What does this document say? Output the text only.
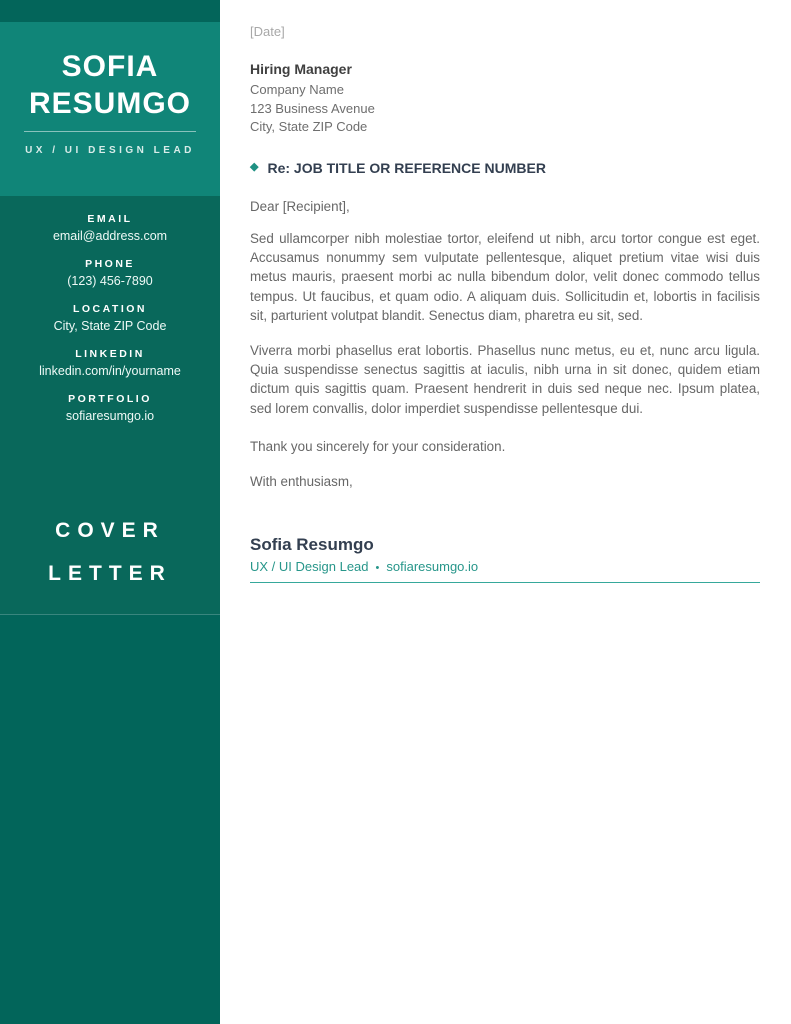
SOFIA
RESUMGO
UX / UI DESIGN LEAD
EMAIL
email@address.com
PHONE
(123) 456-7890
LOCATION
City, State ZIP Code
LINKEDIN
linkedin.com/in/yourname
PORTFOLIO
sofiaresumgo.io
COVER
LETTER
[Date]
Hiring Manager
Company Name
123 Business Avenue
City, State ZIP Code
◆ Re: JOB TITLE OR REFERENCE NUMBER

Dear [Recipient],

Sed ullamcorper nibh molestiae tortor, eleifend ut nibh, arcu tortor congue est eget. Accusamus nonummy sem vulputate pellentesque, aliquet pretium vitae wisi duis metus mauris, praesent morbi ac nulla bibendum dolor, velit donec commodo tellus tempus. Ut faucibus, et quam odio. A aliquam duis. Sollicitudin et, lobortis in facilisis sit, parturient volutpat blandit. Senectus diam, pharetra eu sit, sed.

Viverra morbi phasellus erat lobortis. Phasellus nunc metus, eu et, nunc arcu ligula. Quia suspendisse senectus sagittis at iaculis, nibh urna in sit donec, quidem etiam dictum quis sagittis quam. Praesent hendrerit in duis sed neque nec. Ipsum platea, sed lorem convallis, dolor imperdiet suspendisse pellentesque dui.

Thank you sincerely for your consideration.

With enthusiasm,

Sofia Resumgo
UX / UI Design Lead • sofiaresumgo.io
